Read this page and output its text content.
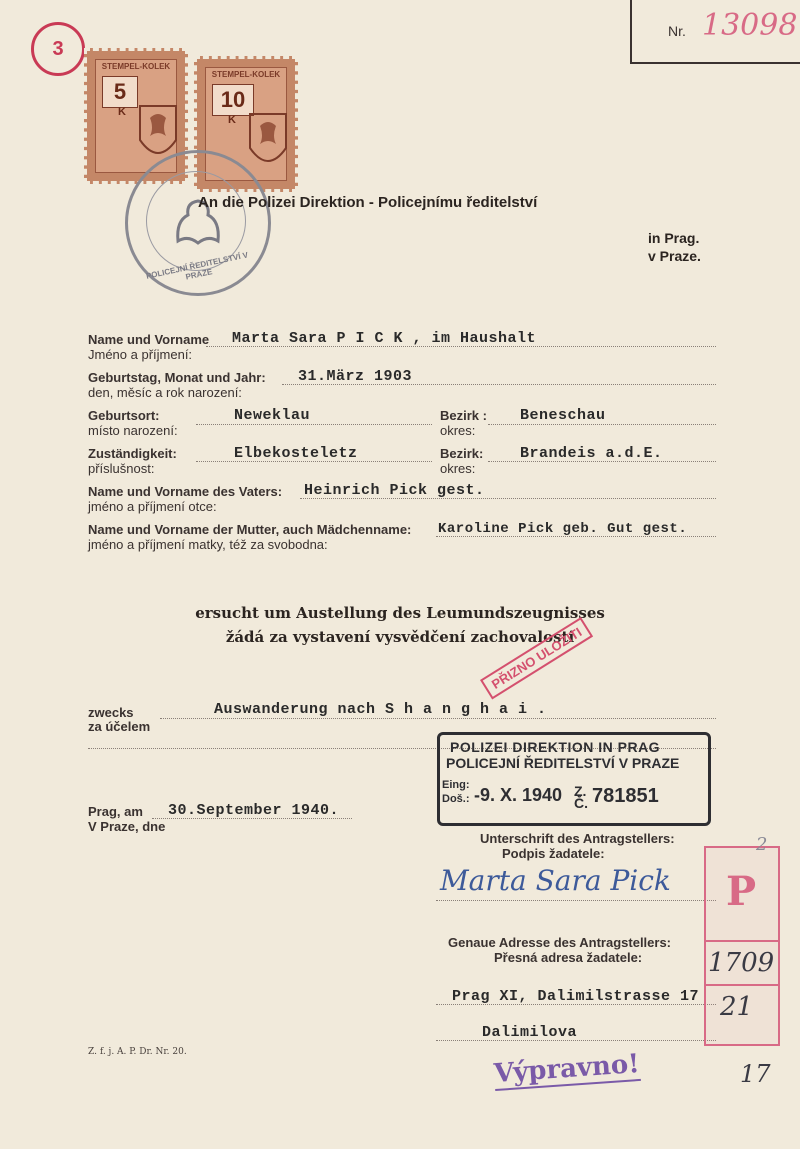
3
Nr. 13098
STEMPEL-KOLEK
5
K
STEMPEL-KOLEK
10
K
POLICEJNÍ ŘEDITELSTVÍ V PRAZE
An die Polizei Direktion - Policejnímu ředitelství
in Prag.
v Praze.
Name und Vorname
Jméno a příjmení:
Marta Sara P I C K , im Haushalt
Geburtstag, Monat und Jahr:
den, měsíc a rok narození:
31.März 1903
Geburtsort:
místo narození:
Neweklau	Bezirk :
okres:
Beneschau
Zuständigkeit:
příslušnost:
Elbekosteletz	Bezirk:
okres:
Brandeis a.d.E.
Name und Vorname des Vaters:
jméno a příjmení otce:
Heinrich Pick gest.
Name und Vorname der Mutter, auch Mädchenname:
jméno a příjmení matky, též za svobodna:
Karoline Pick geb. Gut gest.
ersucht um Austellung des Leumundszeugnisses
žádá za vystavení vysvědčení zachovalosti
PŘIZNO ULOŽITI
zwecks
za účelem
Auswanderung nach S h a n g h a i .
POLIZEI DIREKTION IN PRAG
POLICEJNÍ ŘEDITELSTVÍ V PRAZE
Eing:
Doš.: -9. X. 1940 Z. Č. 781851
Prag, am
V Praze, dne
30.September 1940.
Unterschrift des Antragstellers:
Podpis žadatele:
Marta Sara Pick
Genaue Adresse des Antragstellers:
Přesná adresa žadatele:
Prag XI, Dalimilstrasse 17
Dalimilova
2
P
1709
21
Z. f. j. A. P. Dr. Nr. 20.	Výpravno!	17
